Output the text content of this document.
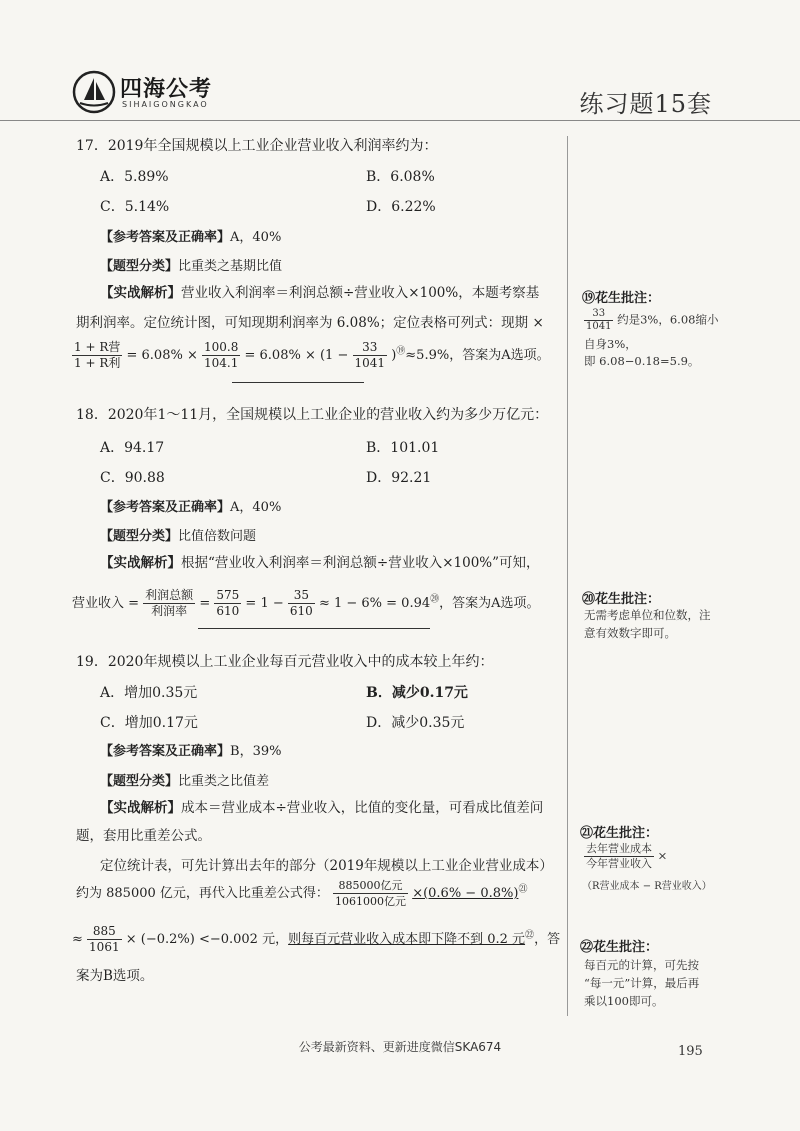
四海公考
SIHAIGONGKAO	练习题15套
17．2019年全国规模以上工业企业营业收入利润率约为：
A．5.89%	B．6.08%
C．5.14%	D．6.22%
【参考答案及正确率】A，40%
【题型分类】比重类之基期比值
【实战解析】营业收入利润率＝利润总额÷营业收入×100%，本题考察基
期利润率。定位统计图，可知现期利润率为 6.08%；定位表格可列式：现期 ×
$\frac{\text{1 + R营}}{\text{1 + R利}} = 6.08\% \times \frac{100.8}{104.1} = 6.08\% \times (1 - \frac{33}{1041} )^⑲\approx 5.9\%$，答案为A选项。
18．2020年1～11月，全国规模以上工业企业的营业收入约为多少万亿元：
A．94.17	B．101.01
C．90.88	D．92.21
【参考答案及正确率】A，40%
【题型分类】比值倍数问题
【实战解析】根据“营业收入利润率＝利润总额÷营业收入×100%”可知，
营业收入 = $\frac{\text{利润总额}}{\text{利润率}} = \frac{575}{610} = 1 - \frac{35}{610} \approx 1 - 6\% = 0.94^⑳$，答案为A选项。
19．2020年规模以上工业企业每百元营业收入中的成本较上年约：
A．增加0.35元	B．减少0.17元
C．增加0.17元	D．减少0.35元
【参考答案及正确率】B，39%
【题型分类】比重类之比值差
【实战解析】成本＝营业成本÷营业收入，比值的变化量，可看成比值差问
题，套用比重差公式。
定位统计表，可先计算出去年的部分（2019年规模以上工业企业营业成本）
约为 885000 亿元，再代入比重差公式得： $\frac{\text{885000亿元}}{\text{1061000亿元}} \times(0.6\% - 0.8\%)^㉑$
≈ $\frac{885}{1061} \times (-0.2\%) <-0.002$ 元，则每百元营业收入成本即下降不到 0.2 元$^㉒$，答
案为B选项。
⑲花生批注：
$\frac{33}{1041}$ 约是3%，6.08缩小
自身3%，
即 6.08−0.18=5.9。
⑳花生批注：
无需考虑单位和位数，注
意有效数字即可。
㉑花生批注：
$\frac{\text{去年营业成本}}{\text{今年营业收入}}$ ×
（R营业成本 − R营业收入）
㉒花生批注：
每百元的计算，可先按
“每一元”计算，最后再
乘以100即可。
公考最新资料、更新进度微信SKA674	195
